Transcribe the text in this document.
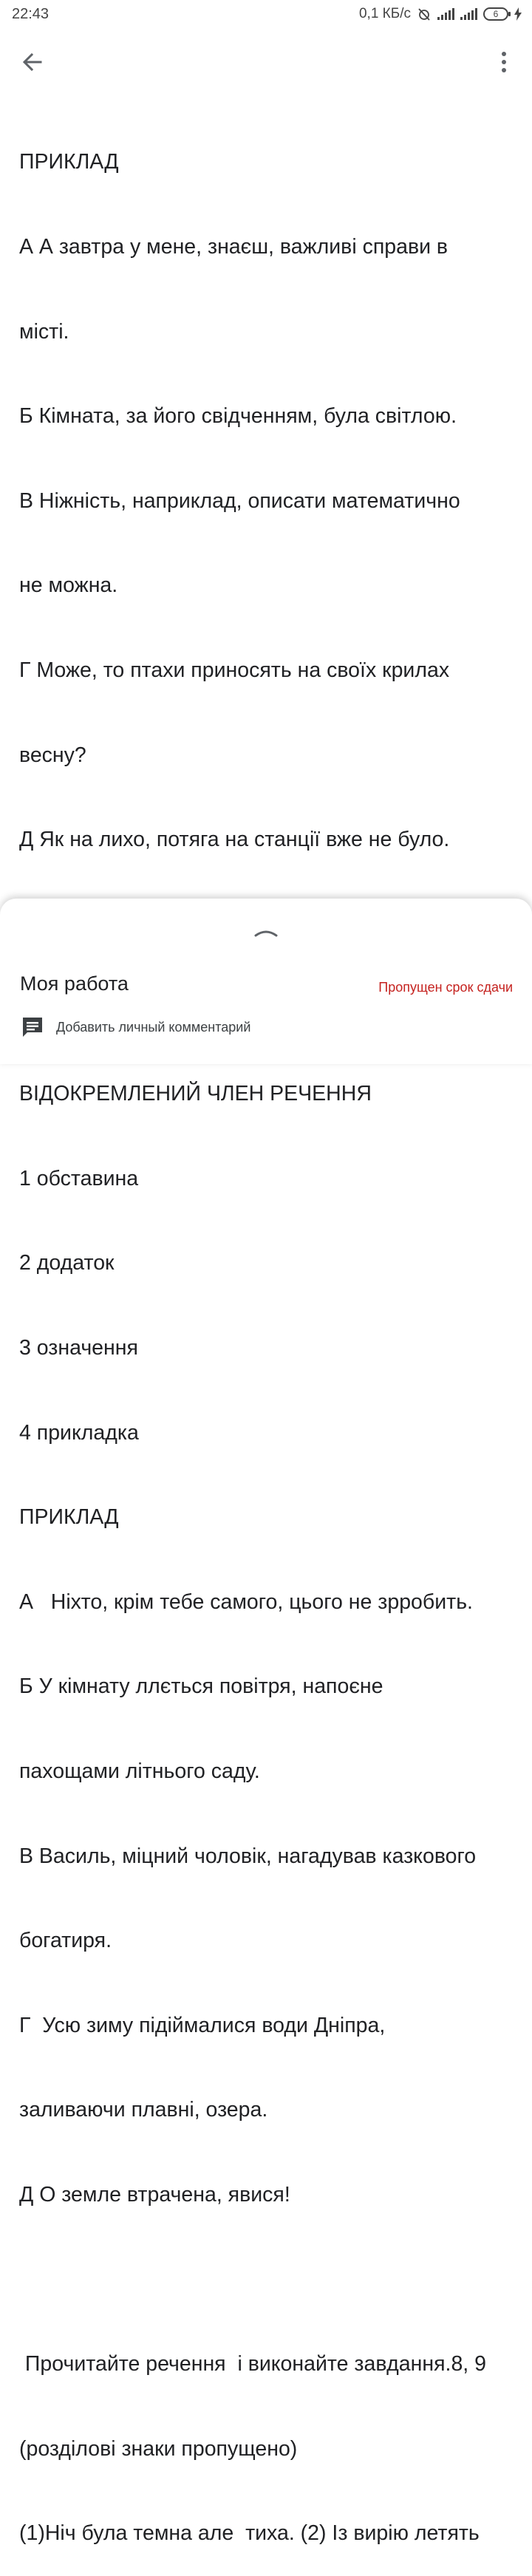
22:43	0,1 КБ/с	6

ПРИКЛАД

А А завтра у мене, знаєш, важливі справи в

місті.

Б Кімната, за його свідченням, була світлою.

В Ніжність, наприклад, описати математично

не можна.

Г Може, то птахи приносять на своїх крилах

весну?

Д Як на лихо, потяга на станції вже не було.

ВІДОКРЕМЛЕНИЙ ЧЛЕН РЕЧЕННЯ

1 обставина

2 додаток

3 означення

4 прикладка

ПРИКЛАД

А   Ніхто, крім тебе самого, цього не зрробить.

Б У кімнату ллється повітря, напоєне

пахощами літнього саду.

В Василь, міцний чоловік, нагадував казкового

богатиря.

Г  Усю зиму підіймалися води Дніпра,

заливаючи плавні, озера.

Д О земле втрачена, явися!

Прочитайте речення  і виконайте завдання.8, 9

(розділові знаки пропущено)

(1)Ніч була темна але  тиха. (2) Із вирію летять

Моя работа	Пропущен срок сдачи
Добавить личный комментарий
